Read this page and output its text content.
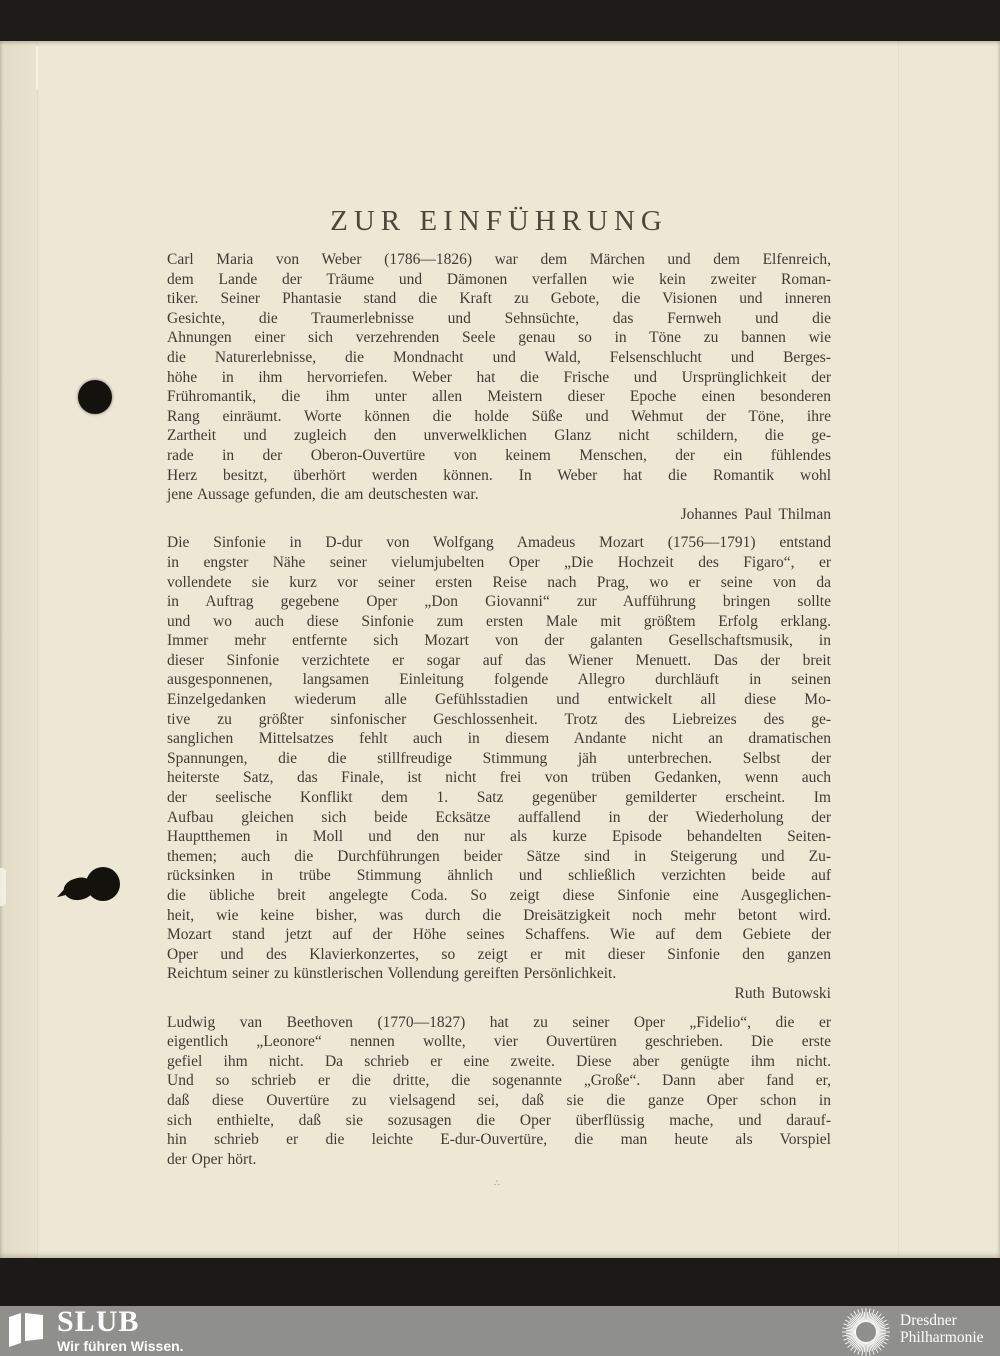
∴
ZUR EINFÜHRUNG
Carl Maria von Weber (1786—1826) war dem Märchen und dem Elfenreich,
dem Lande der Träume und Dämonen verfallen wie kein zweiter Roman-
tiker. Seiner Phantasie stand die Kraft zu Gebote, die Visionen und inneren
Gesichte, die Traumerlebnisse und Sehnsüchte, das Fernweh und die
Ahnungen einer sich verzehrenden Seele genau so in Töne zu bannen wie
die Naturerlebnisse, die Mondnacht und Wald, Felsenschlucht und Berges-
höhe in ihm hervorriefen. Weber hat die Frische und Ursprünglichkeit der
Frühromantik, die ihm unter allen Meistern dieser Epoche einen besonderen
Rang einräumt. Worte können die holde Süße und Wehmut der Töne, ihre
Zartheit und zugleich den unverwelklichen Glanz nicht schildern, die ge-
rade in der Oberon-Ouvertüre von keinem Menschen, der ein fühlendes
Herz besitzt, überhört werden können. In Weber hat die Romantik wohl
jene Aussage gefunden, die am deutschesten war.
Johannes Paul Thilman
Die Sinfonie in D-dur von Wolfgang Amadeus Mozart (1756—1791) entstand
in engster Nähe seiner vielumjubelten Oper „Die Hochzeit des Figaro“, er
vollendete sie kurz vor seiner ersten Reise nach Prag, wo er seine von da
in Auftrag gegebene Oper „Don Giovanni“ zur Aufführung bringen sollte
und wo auch diese Sinfonie zum ersten Male mit größtem Erfolg erklang.
Immer mehr entfernte sich Mozart von der galanten Gesellschaftsmusik, in
dieser Sinfonie verzichtete er sogar auf das Wiener Menuett. Das der breit
ausgesponnenen, langsamen Einleitung folgende Allegro durchläuft in seinen
Einzelgedanken wiederum alle Gefühlsstadien und entwickelt all diese Mo-
tive zu größter sinfonischer Geschlossenheit. Trotz des Liebreizes des ge-
sanglichen Mittelsatzes fehlt auch in diesem Andante nicht an dramatischen
Spannungen, die die stillfreudige Stimmung jäh unterbrechen. Selbst der
heiterste Satz, das Finale, ist nicht frei von trüben Gedanken, wenn auch
der seelische Konflikt dem 1. Satz gegenüber gemilderter erscheint. Im
Aufbau gleichen sich beide Ecksätze auffallend in der Wiederholung der
Hauptthemen in Moll und den nur als kurze Episode behandelten Seiten-
themen; auch die Durchführungen beider Sätze sind in Steigerung und Zu-
rücksinken in trübe Stimmung ähnlich und schließlich verzichten beide auf
die übliche breit angelegte Coda. So zeigt diese Sinfonie eine Ausgeglichen-
heit, wie keine bisher, was durch die Dreisätzigkeit noch mehr betont wird.
Mozart stand jetzt auf der Höhe seines Schaffens. Wie auf dem Gebiete der
Oper und des Klavierkonzertes, so zeigt er mit dieser Sinfonie den ganzen
Reichtum seiner zu künstlerischen Vollendung gereiften Persönlichkeit.
Ruth Butowski
Ludwig van Beethoven (1770—1827) hat zu seiner Oper „Fidelio“, die er
eigentlich „Leonore“ nennen wollte, vier Ouvertüren geschrieben. Die erste
gefiel ihm nicht. Da schrieb er eine zweite. Diese aber genügte ihm nicht.
Und so schrieb er die dritte, die sogenannte „Große“. Dann aber fand er,
daß diese Ouvertüre zu vielsagend sei, daß sie die ganze Oper schon in
sich enthielte, daß sie sozusagen die Oper überflüssig mache, und darauf-
hin schrieb er die leichte E-dur-Ouvertüre, die man heute als Vorspiel
der Oper hört.
SLUB
Wir führen Wissen.
Dresdner
Philharmonie
